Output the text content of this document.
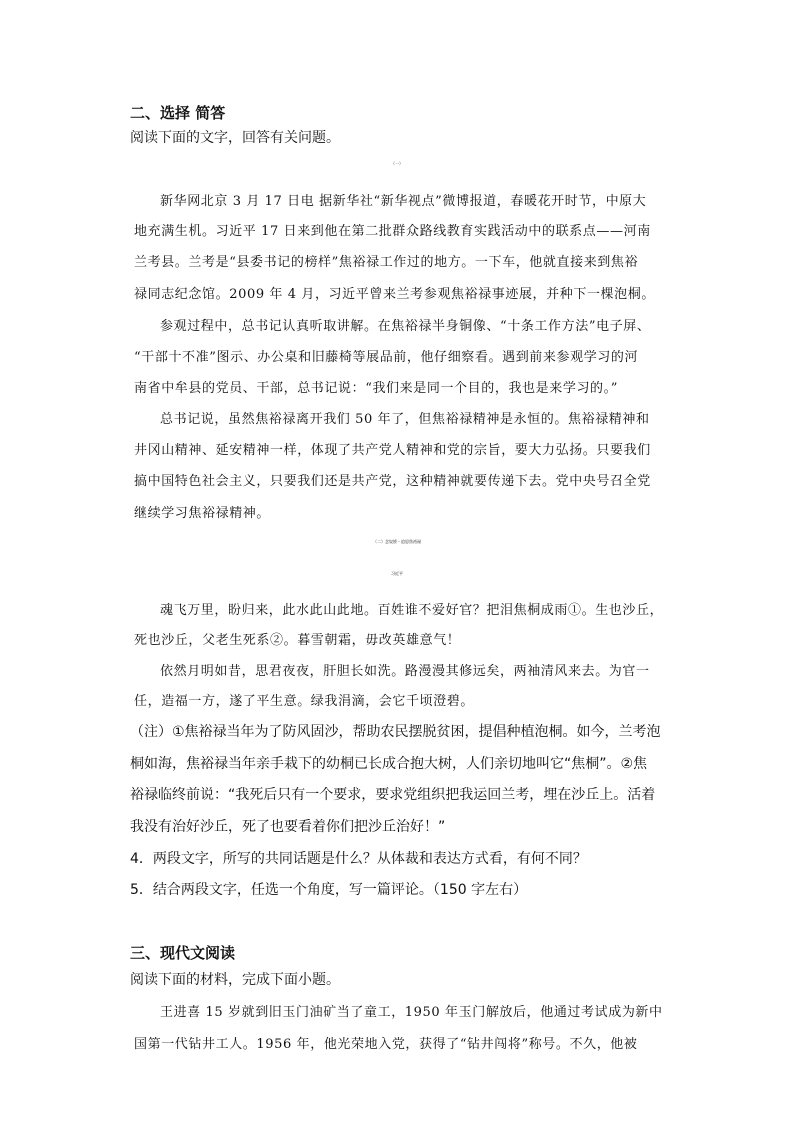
二、选择 简答
阅读下面的文字，回答有关问题。
（一）
新华网北京 3 月 17 日电 据新华社“新华视点”微博报道，春暖花开时节，中原大
地充满生机。习近平 17 日来到他在第二批群众路线教育实践活动中的联系点——河南
兰考县。兰考是“县委书记的榜样”焦裕禄工作过的地方。一下车，他就直接来到焦裕
禄同志纪念馆。2009 年 4 月，习近平曾来兰考参观焦裕禄事迹展，并种下一棵泡桐。
参观过程中，总书记认真听取讲解。在焦裕禄半身铜像、“十条工作方法”电子屏、
“干部十不准”图示、办公桌和旧藤椅等展品前，他仔细察看。遇到前来参观学习的河
南省中牟县的党员、干部，总书记说：“我们来是同一个目的，我也是来学习的。”
总书记说，虽然焦裕禄离开我们 50 年了，但焦裕禄精神是永恒的。焦裕禄精神和
井冈山精神、延安精神一样，体现了共产党人精神和党的宗旨，要大力弘扬。只要我们
搞中国特色社会主义，只要我们还是共产党，这种精神就要传递下去。党中央号召全党
继续学习焦裕禄精神。
（二）念奴娇・追思焦裕禄
习近平
魂飞万里，盼归来，此水此山此地。百姓谁不爱好官？把泪焦桐成雨①。生也沙丘，
死也沙丘，父老生死系②。暮雪朝霜，毋改英雄意气！
依然月明如昔，思君夜夜，肝胆长如洗。路漫漫其修远矣，两袖清风来去。为官一
任，造福一方，遂了平生意。绿我涓滴，会它千顷澄碧。
（注）①焦裕禄当年为了防风固沙，帮助农民摆脱贫困，提倡种植泡桐。如今，兰考泡
桐如海，焦裕禄当年亲手栽下的幼桐已长成合抱大树，人们亲切地叫它“焦桐”。②焦
裕禄临终前说：“我死后只有一个要求，要求党组织把我运回兰考，埋在沙丘上。活着
我没有治好沙丘，死了也要看着你们把沙丘治好！”
4．两段文字，所写的共同话题是什么？从体裁和表达方式看，有何不同？
5．结合两段文字，任选一个角度，写一篇评论。（150 字左右）
三、现代文阅读
阅读下面的材料，完成下面小题。
王进喜 15 岁就到旧玉门油矿当了童工，1950 年玉门解放后，他通过考试成为新中
国第一代钻井工人。1956 年，他光荣地入党，获得了“钻井闯将”称号。不久，他被
